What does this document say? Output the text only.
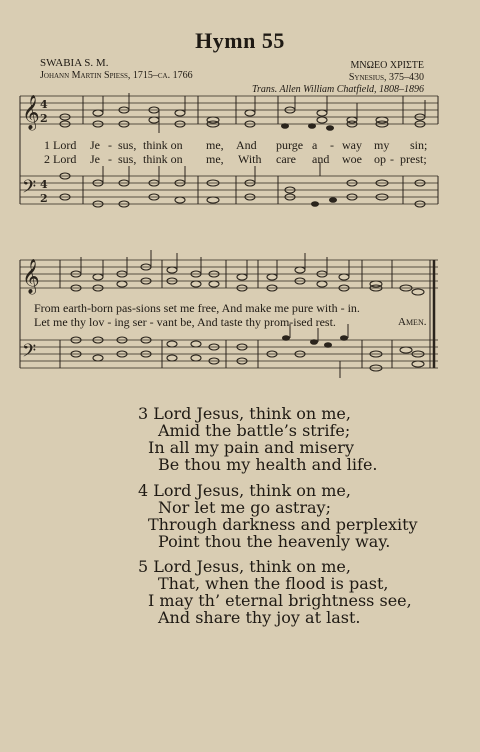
Hymn 55
SWABIA S. M.
Johann Martin Spiess, 1715–ca. 1766
ΜΝΩΕΟ ΧΡΙΣΤΕ
Synesius, 375–430
Trans. Allen William Chatfield, 1808–1896
𝄞
𝄢
4
2
4
2
𝄞
𝄢
1 Lord Je - sus, think on me, And purge a - way my sin;
2 Lord Je - sus, think on me, With care and woe op - prest;
From earth-born pas-sions set me free, And make me pure with - in.
Let me thy lov - ing ser - vant be, And taste thy prom-ised rest.	Amen.
3 Lord Jesus, think on me,
Amid the battle’s strife;
In all my pain and misery
Be thou my health and life.
4 Lord Jesus, think on me,
Nor let me go astray;
Through darkness and perplexity
Point thou the heavenly way.
5 Lord Jesus, think on me,
That, when the flood is past,
I may th’ eternal brightness see,
And share thy joy at last.
